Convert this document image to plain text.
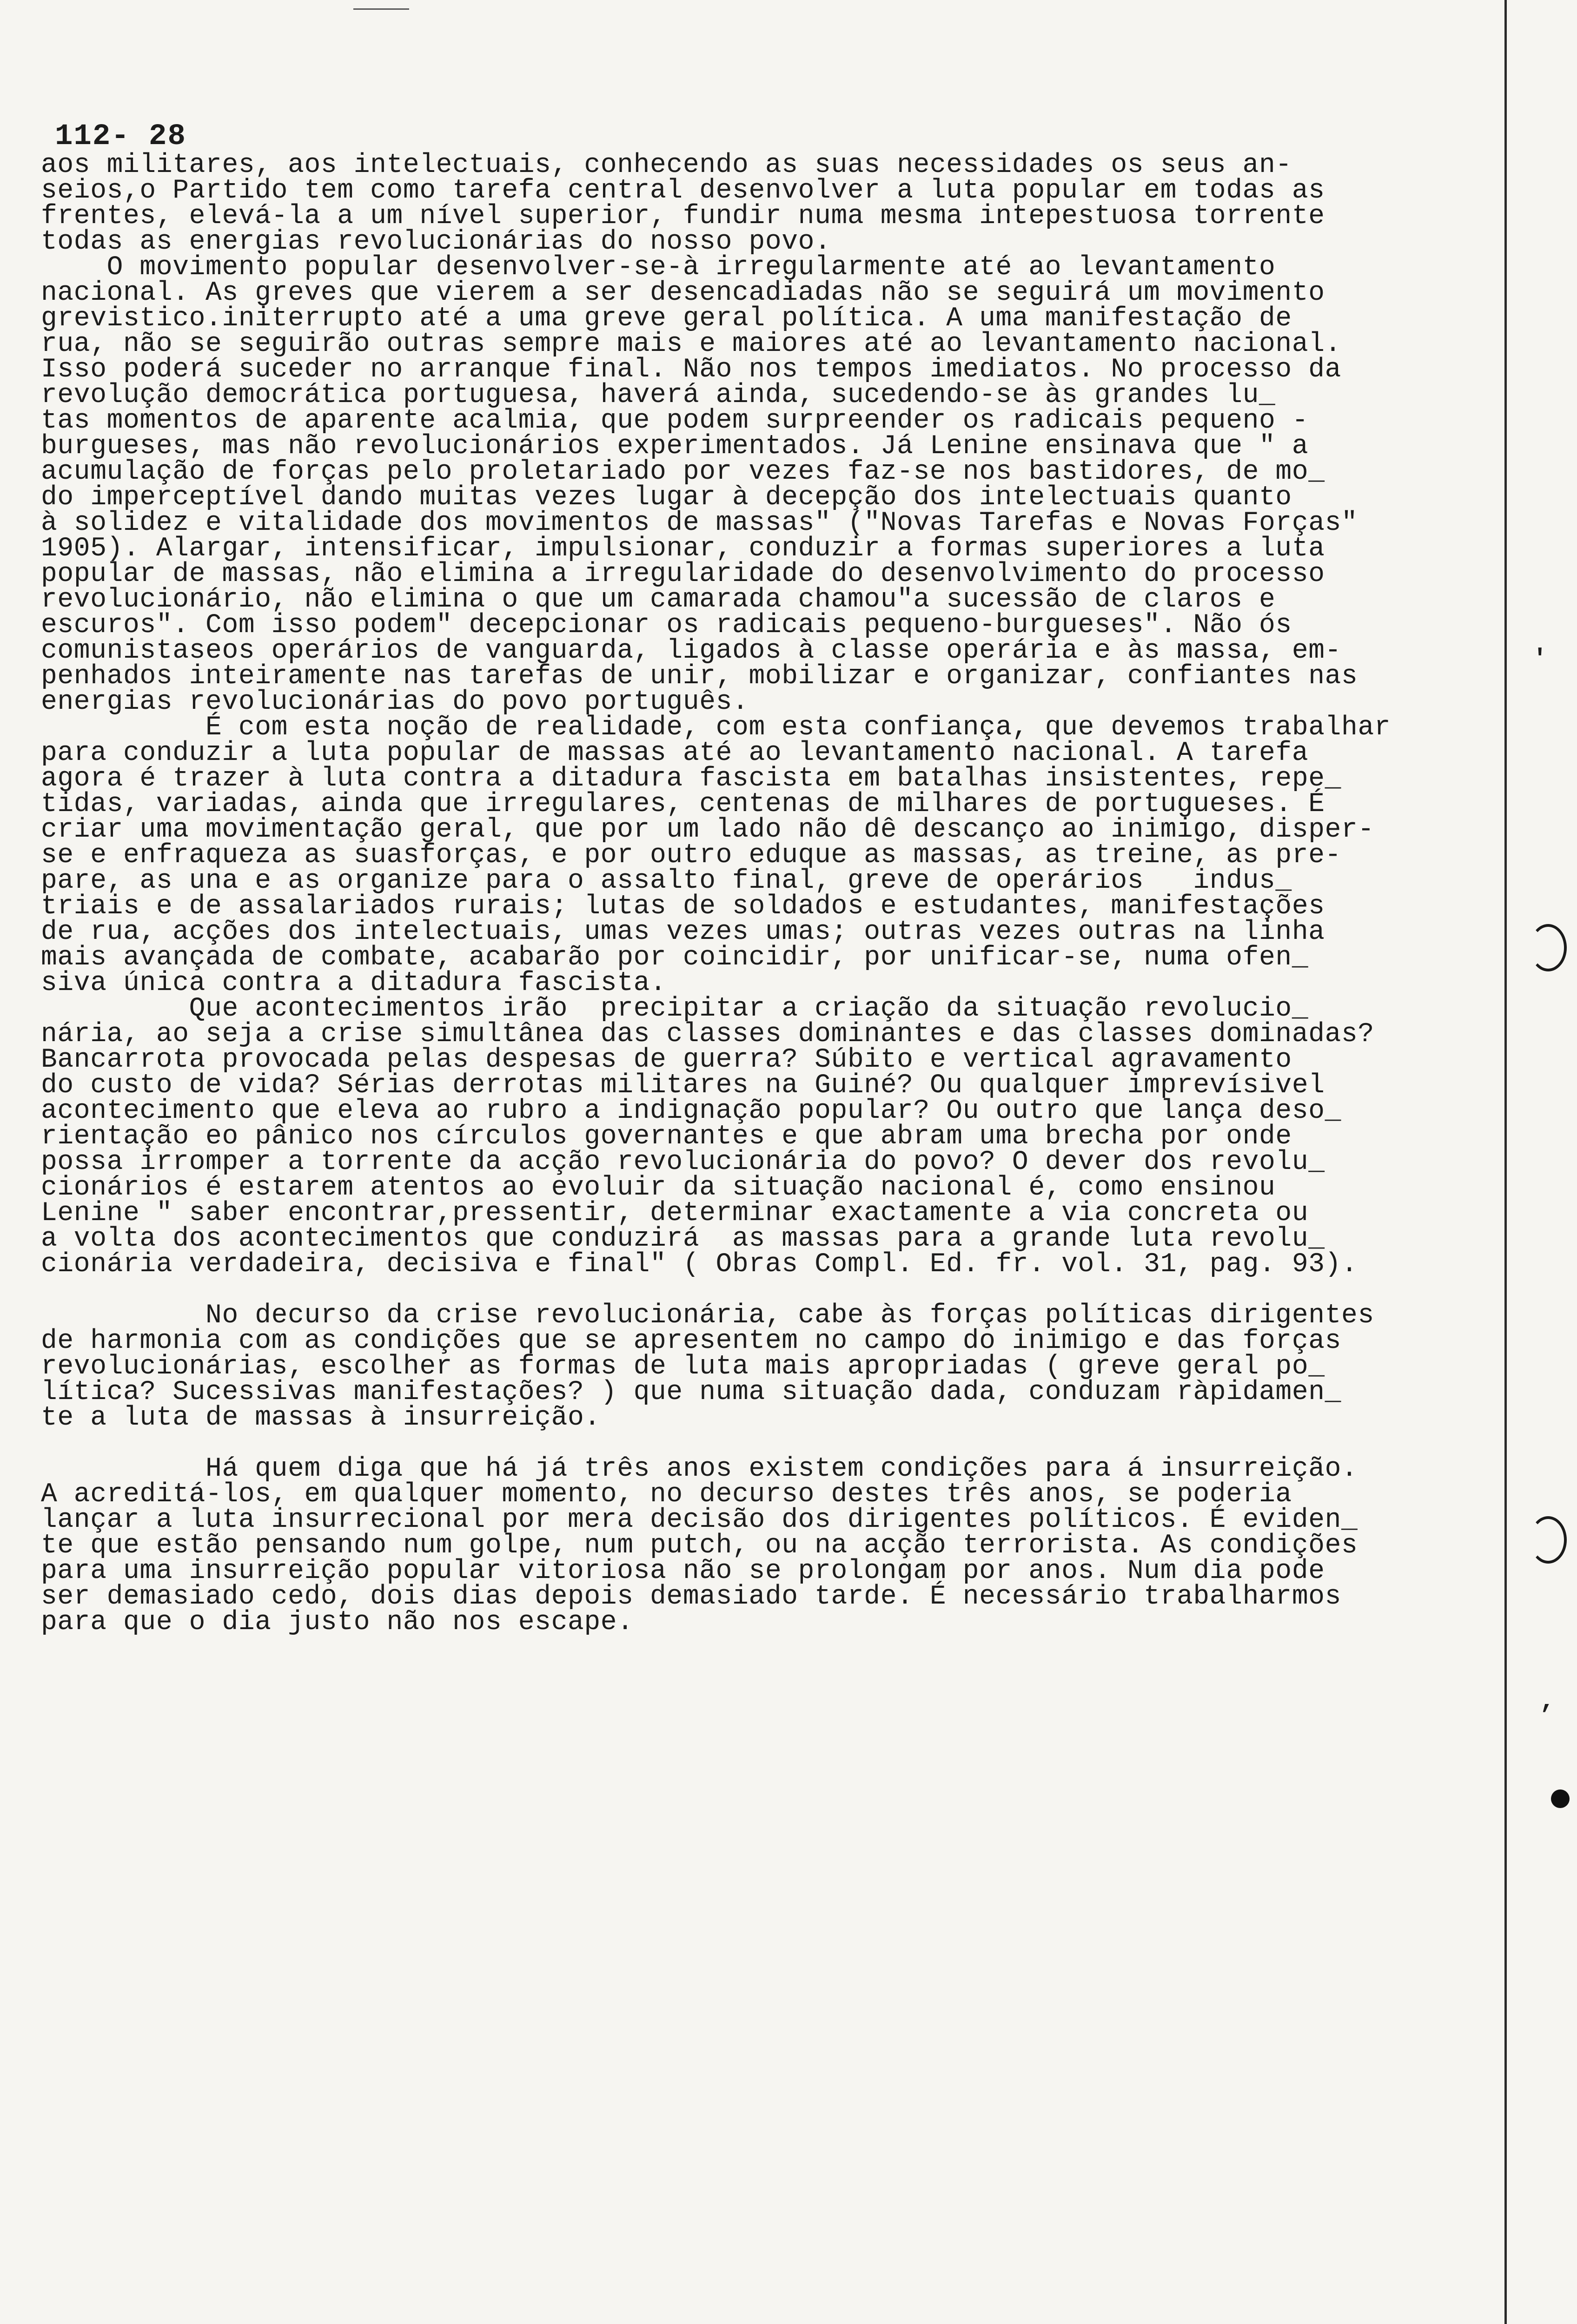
112- 28
aos militares, aos intelectuais, conhecendo as suas necessidades os seus an-
seios,o Partido tem como tarefa central desenvolver a luta popular em todas as
frentes, elevá-la a um nível superior, fundir numa mesma intepestuosa torrente
todas as energias revolucionárias do nosso povo.
O movimento popular desenvolver-se-à irregularmente até ao levantamento
nacional. As greves que vierem a ser desencadiadas não se seguirá um movimento
grevistico.initerrupto até a uma greve geral política. A uma manifestação de
rua, não se seguirão outras sempre mais e maiores até ao levantamento nacional.
Isso poderá suceder no arranque final. Não nos tempos imediatos. No processo da
revolução democrática portuguesa, haverá ainda, sucedendo-se às grandes lu_
tas momentos de aparente acalmia, que podem surpreender os radicais pequeno -
burgueses, mas não revolucionários experimentados. Já Lenine ensinava que " a
acumulação de forças pelo proletariado por vezes faz-se nos bastidores, de mo_
do imperceptível dando muitas vezes lugar à decepção dos intelectuais quanto
à solidez e vitalidade dos movimentos de massas" ("Novas Tarefas e Novas Forças"
1905). Alargar, intensificar, impulsionar, conduzir a formas superiores a luta
popular de massas, não elimina a irregularidade do desenvolvimento do processo
revolucionário, não elimina o que um camarada chamou"a sucessão de claros e
escuros". Com isso podem" decepcionar os radicais pequeno-burgueses". Não ós
comunistaseos operários de vanguarda, ligados à classe operária e às massa, em-
penhados inteiramente nas tarefas de unir, mobilizar e organizar, confiantes nas
energias revolucionárias do povo português.
É com esta noção de realidade, com esta confiança, que devemos trabalhar
para conduzir a luta popular de massas até ao levantamento nacional. A tarefa
agora é trazer à luta contra a ditadura fascista em batalhas insistentes, repe_
tidas, variadas, ainda que irregulares, centenas de milhares de portugueses. É
criar uma movimentação geral, que por um lado não dê descanço ao inimigo, disper-
se e enfraqueza as suasforças, e por outro eduque as massas, as treine, as pre-
pare, as una e as organize para o assalto final, greve de operários   indus_
triais e de assalariados rurais; lutas de soldados e estudantes, manifestações
de rua, acções dos intelectuais, umas vezes umas; outras vezes outras na linha
mais avançada de combate, acabarão por coincidir, por unificar-se, numa ofen_
siva única contra a ditadura fascista.
Que acontecimentos irão  precipitar a criação da situação revolucio_
nária, ao seja a crise simultânea das classes dominantes e das classes dominadas?
Bancarrota provocada pelas despesas de guerra? Súbito e vertical agravamento
do custo de vida? Sérias derrotas militares na Guiné? Ou qualquer imprevísivel
acontecimento que eleva ao rubro a indignação popular? Ou outro que lança deso_
rientação eo pânico nos círculos governantes e que abram uma brecha por onde
possa irromper a torrente da acção revolucionária do povo? O dever dos revolu_
cionários é estarem atentos ao evoluir da situação nacional é, como ensinou
Lenine " saber encontrar,pressentir, determinar exactamente a via concreta ou
a volta dos acontecimentos que conduzirá  as massas para a grande luta revolu_
cionária verdadeira, decisiva e final" ( Obras Compl. Ed. fr. vol. 31, pag. 93).
No decurso da crise revolucionária, cabe às forças políticas dirigentes
de harmonia com as condições que se apresentem no campo do inimigo e das forças
revolucionárias, escolher as formas de luta mais apropriadas ( greve geral po_
lítica? Sucessivas manifestações? ) que numa situação dada, conduzam ràpidamen_
te a luta de massas à insurreição.
Há quem diga que há já três anos existem condições para á insurreição.
A acreditá-los, em qualquer momento, no decurso destes três anos, se poderia
lançar a luta insurrecional por mera decisão dos dirigentes políticos. É eviden_
te que estão pensando num golpe, num putch, ou na acção terrorista. As condições
para uma insurreição popular vitoriosa não se prolongam por anos. Num dia pode
ser demasiado cedo, dois dias depois demasiado tarde. É necessário trabalharmos
para que o dia justo não nos escape.
'
,
